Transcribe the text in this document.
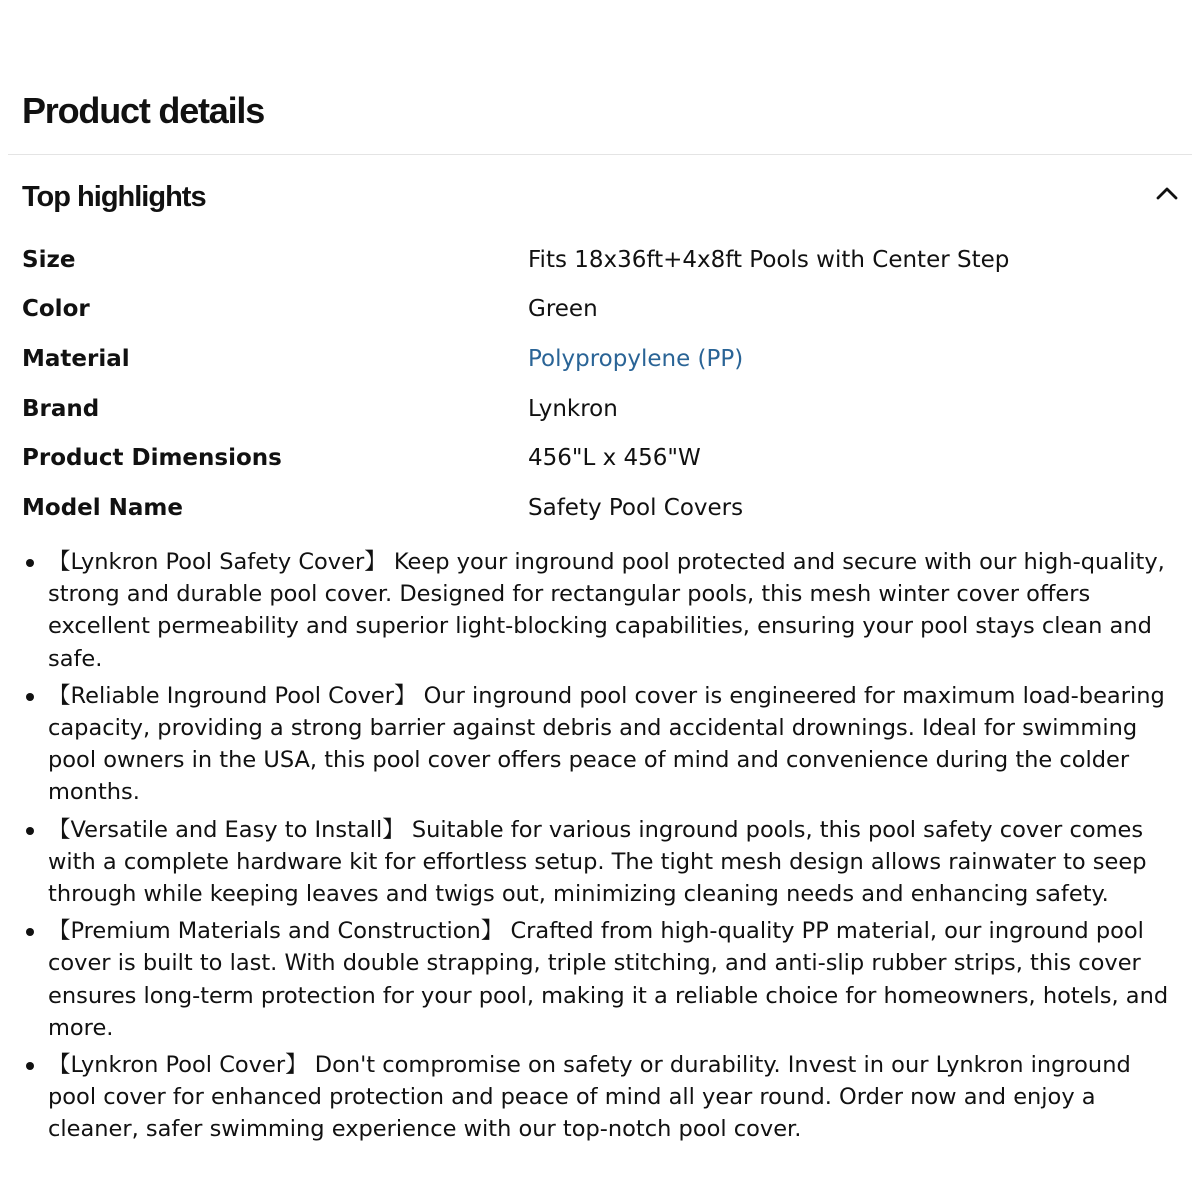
Product details
Top highlights
Size	Fits 18x36ft+4x8ft Pools with Center Step
Color	Green
Material	Polypropylene (PP)
Brand	Lynkron
Product Dimensions	456"L x 456"W
Model Name	Safety Pool Covers
【Lynkron Pool Safety Cover】 Keep your inground pool protected and secure with our high-quality, strong and durable pool cover. Designed for rectangular pools, this mesh winter cover offers excellent permeability and superior light-blocking capabilities, ensuring your pool stays clean and safe.
【Reliable Inground Pool Cover】 Our inground pool cover is engineered for maximum load-bearing capacity, providing a strong barrier against debris and accidental drownings. Ideal for swimming pool owners in the USA, this pool cover offers peace of mind and convenience during the colder months.
【Versatile and Easy to Install】 Suitable for various inground pools, this pool safety cover comes with a complete hardware kit for effortless setup. The tight mesh design allows rainwater to seep through while keeping leaves and twigs out, minimizing cleaning needs and enhancing safety.
【Premium Materials and Construction】 Crafted from high-quality PP material, our inground pool cover is built to last. With double strapping, triple stitching, and anti-slip rubber strips, this cover ensures long-term protection for your pool, making it a reliable choice for homeowners, hotels, and more.
【Lynkron Pool Cover】 Don't compromise on safety or durability. Invest in our Lynkron inground pool cover for enhanced protection and peace of mind all year round. Order now and enjoy a cleaner, safer swimming experience with our top-notch pool cover.
